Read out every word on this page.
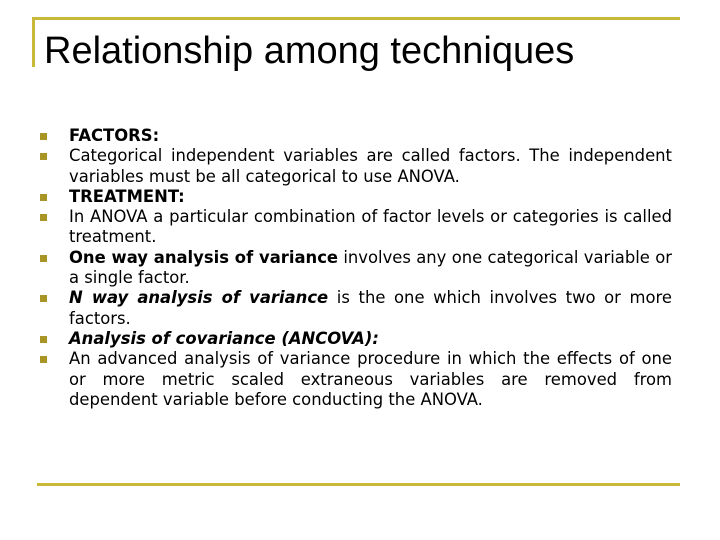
Relationship among techniques
FACTORS:
Categorical independent variables are called factors. The independent variables must be all categorical to use ANOVA.
TREATMENT:
In ANOVA a particular combination of factor levels or categories is called treatment.
One way analysis of variance involves any one categorical variable or a single factor.
N way analysis of variance is the one which involves two or more factors.
Analysis of covariance (ANCOVA):
An advanced analysis of variance procedure in which the effects of one or more metric scaled extraneous variables are removed from dependent variable before conducting the ANOVA.
